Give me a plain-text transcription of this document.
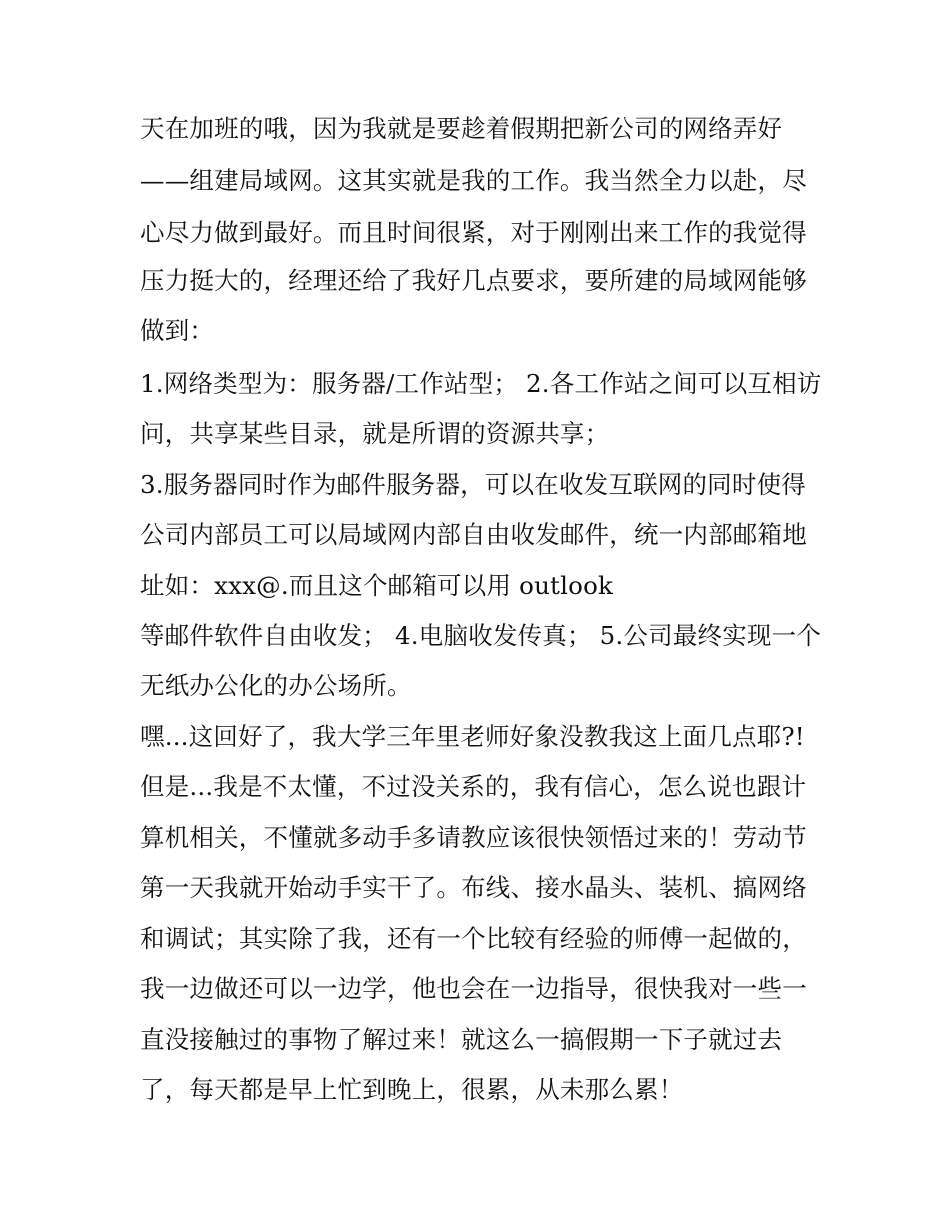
天在加班的哦，因为我就是要趁着假期把新公司的网络弄好
——组建局域网。这其实就是我的工作。我当然全力以赴，尽
心尽力做到最好。而且时间很紧，对于刚刚出来工作的我觉得
压力挺大的，经理还给了我好几点要求，要所建的局域网能够
做到：
1.网络类型为：服务器/工作站型； 2.各工作站之间可以互相访
问，共享某些目录，就是所谓的资源共享；
3.服务器同时作为邮件服务器，可以在收发互联网的同时使得
公司内部员工可以局域网内部自由收发邮件，统一内部邮箱地
址如：xxx@.而且这个邮箱可以用 outlook
等邮件软件自由收发； 4.电脑收发传真； 5.公司最终实现一个
无纸办公化的办公场所。
嘿...这回好了，我大学三年里老师好象没教我这上面几点耶?!
但是...我是不太懂，不过没关系的，我有信心，怎么说也跟计
算机相关，不懂就多动手多请教应该很快领悟过来的！劳动节
第一天我就开始动手实干了。布线、接水晶头、装机、搞网络
和调试；其实除了我，还有一个比较有经验的师傅一起做的，
我一边做还可以一边学，他也会在一边指导，很快我对一些一
直没接触过的事物了解过来！就这么一搞假期一下子就过去
了，每天都是早上忙到晚上，很累，从未那么累！
